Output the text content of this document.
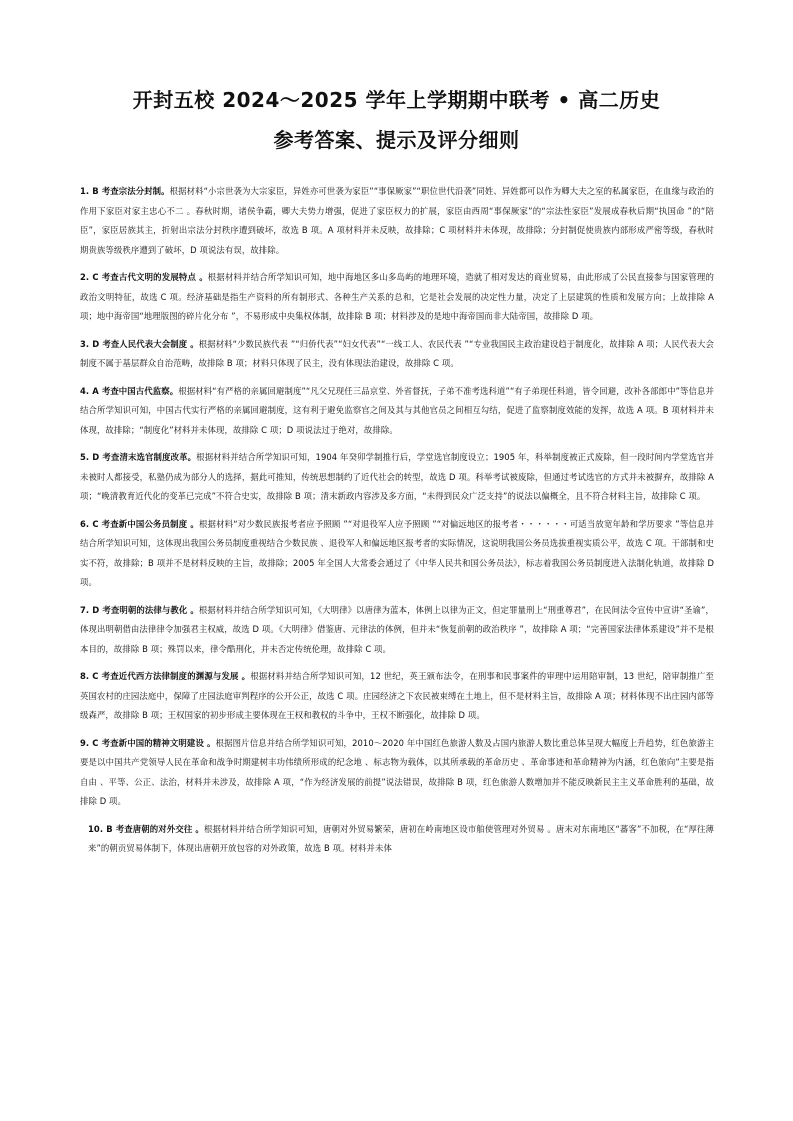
开封五校 2024～2025 学年上学期期中联考 • 高二历史
参考答案、提示及评分细则

1. B 考查宗法分封制。根据材料“小宗世袭为大宗家臣，异姓亦可世袭为家臣”“事保厥家”“职位世代沿袭”同姓、异姓都可以作为卿大夫之室的私属家臣，在血缘与政治的作用下家臣对家主忠心不二 。春秋时期，诸侯争霸，卿大夫势力增强，促进了家臣权力的扩展，家臣由西周“事保厥家”的“宗法性家臣”发展成春秋后期“执国命 ”的“陪臣”，家臣居族其主，折射出宗法分封秩序遭到破坏，故选 B 项。A 项材料并未反映，故排除；C 项材料并未体现，故排除；分封制促使贵族内部形成严密等级，春秋时期贵族等级秩序遭到了破坏，D 项说法有误，故排除。

2. C 考查古代文明的发展特点 。根据材料并结合所学知识可知，地中海地区多山多岛屿的地理环境，造就了相对发达的商业贸易，由此形成了公民直接参与国家管理的政治文明特征，故选 C 项。经济基础是指生产资料的所有制形式、各种生产关系的总和，它是社会发展的决定性力量，决定了上层建筑的性质和发展方向；上故排除 A 项；地中海帝国“地理版图的碎片化分布 ”，不易形成中央集权体制，故排除 B 项；材料涉及的是地中海帝国而非大陆帝国，故排除 D 项。

3. D 考查人民代表大会制度 。根据材料“少数民族代表 ”“归侨代表”“妇女代表”“一线工人、农民代表 ”“专业我国民主政治建设趋于制度化，故排除 A 项；人民代表大会制度不属于基层群众自治范畴，故排除 B 项；材料只体现了民主，没有体现法治建设，故排除 C 项。

4. A 考查中国古代监察。根据材料“有严格的亲属回避制度”“凡父兄现任三品京堂、外省督抚，子弟不准考选科道”“有子弟现任科道，皆令回避，改补各部郎中”等信息并结合所学知识可知，中国古代实行严格的亲属回避制度，这有利于避免监察官之间及其与其他官员之间相互勾结，促进了监察制度效能的发挥，故选 A 项。B 项材料并未体现，故排除；“制度化”材料并未体现，故排除 C 项；D 项说法过于绝对，故排除。

5. D 考查清末选官制度改革。根据材料并结合所学知识可知，1904 年癸卯学制推行后，学堂选官制度设立；1905 年，科举制度被正式废除，但一段时间内学堂选官并未被时人都接受，私塾仍成为部分人的选择，据此可推知，传统思想制约了近代社会的转型，故选 D 项。科举考试被废除，但通过考试选官的方式并未被摒弃，故排除 A 项；“晚清教育近代化的变革已完成”不符合史实，故排除 B 项；清末新政内容涉及多方面，“未得到民众广泛支持”的说法以偏概全，且不符合材料主旨，故排除 C 项。

6. C 考查新中国公务员制度 。根据材料“对少数民族报考者应予照顾 ”“对退役军人应予照顾 ”“对偏远地区的报考者・・・・・・可适当放宽年龄和学历要求 ”等信息并结合所学知识可知，这体现出我国公务员制度重视结合少数民族 、退役军人和偏远地区报考者的实际情况，这说明我国公务员选拔重视实质公平，故选 C 项。干部制和史实不符，故排除；B 项并不是材料反映的主旨，故排除；2005 年全国人大常委会通过了《中华人民共和国公务员法》，标志着我国公务员制度进入法制化轨道，故排除 D 项。

7. D 考查明朝的法律与教化 。根据材料并结合所学知识可知，《大明律》以唐律为蓝本，体例上以律为正文，但定罪量刑上“刑重尊君”，在民间法令宣传中宣讲“圣谕”，体现出明朝借由法律律令加强君主权威，故选 D 项。《大明律》借鉴唐、元律法的体例，但并未“恢复前朝的政治秩序 ”，故排除 A 项；“完善国家法律体系建设”并不是根本目的，故排除 B 项；殊罚以来，律令酷刑化，并未否定传统伦理，故排除 C 项。

8. C 考查近代西方法律制度的渊源与发展 。根据材料并结合所学知识可知，12 世纪，英王颁布法令，在刑事和民事案件的审理中运用陪审制，13 世纪，陪审制推广至英国农村的庄园法庭中，保障了庄园法庭审判程序的公开公正，故选 C 项。庄园经济之下农民被束缚在土地上，但不是材料主旨，故排除 A 项；材料体现不出庄园内部等级森严，故排除 B 项；王权国家的初步形成主要体现在王权和教权的斗争中，王权不断强化，故排除 D 项。

9. C 考查新中国的精神文明建设 。根据图片信息并结合所学知识可知，2010～2020 年中国红色旅游人数及占国内旅游人数比重总体呈现大幅度上升趋势，红色旅游主要是以中国共产党领导人民在革命和战争时期建树丰功伟绩所形成的纪念地 、标志物为载体，以其所承载的革命历史 、革命事迹和革命精神为内涵，红色旅向”主要是指自由 、平等、公正、法治，材料并未涉及，故排除 A 项，“作为经济发展的前提”说法错误，故排除 B 项，红色旅游人数增加并不能反映新民主主义革命胜利的基础，故排除 D 项。

10. B 考查唐朝的对外交往 。根据材料并结合所学知识可知，唐朝对外贸易繁荣，唐初在岭南地区设市舶使管理对外贸易 。唐末对东南地区“蕃客”不加税，在“厚往薄来”的朝贡贸易体制下，体现出唐朝开放包容的对外政策，故选 B 项。材料并未体
